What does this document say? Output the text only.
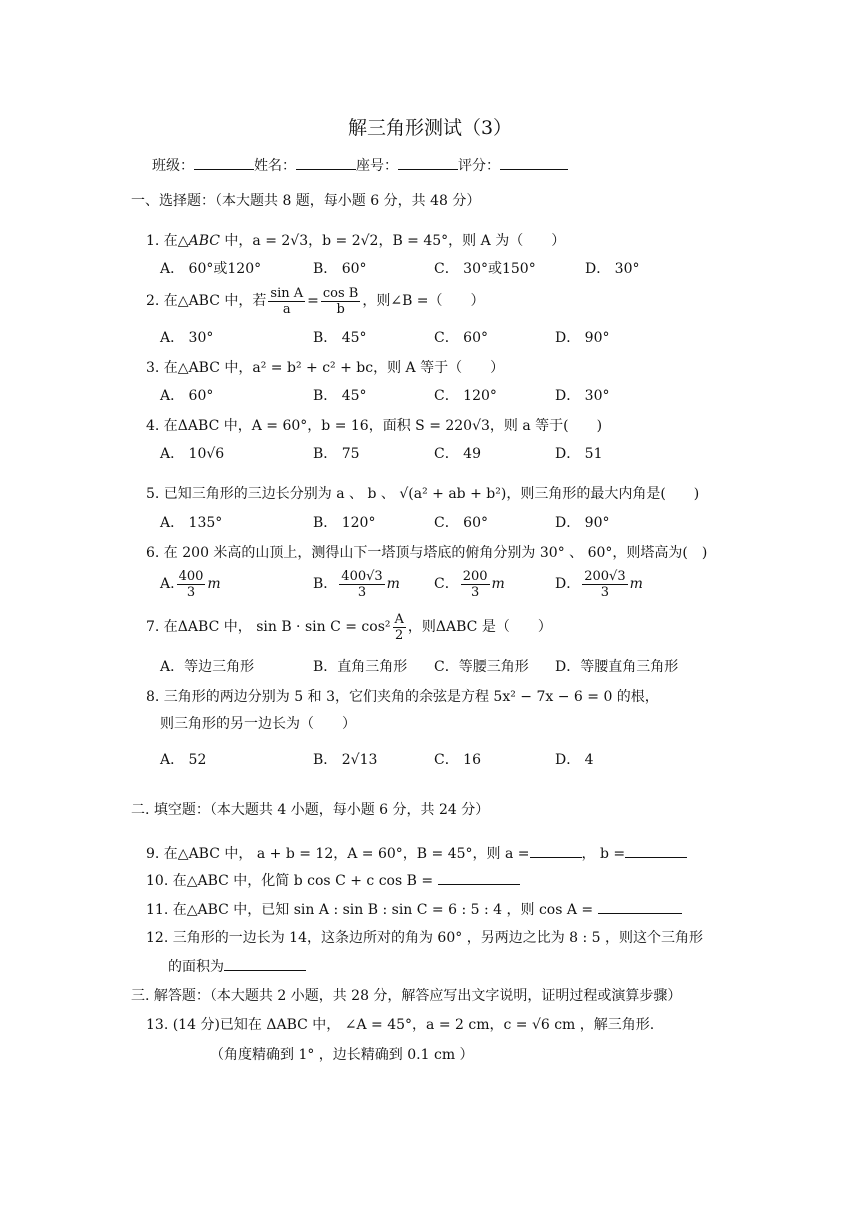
解三角形测试（3）
班级：	姓名：	座号：	评分：
一、选择题：（本大题共 8 题，每小题 6 分，共 48 分）
1. 在△ABC 中，a = 2√3，b = 2√2，B = 45°，则 A 为（　　）
A． 60°或120°	B． 60°	C． 30°或150°	D． 30°
2. 在△ABC 中，若 $\frac{\text{sin A}}{a} = \frac{\text{cos B}}{b}$ ，则∠B =（　　）
A． 30°	B． 45°	C． 60°	D． 90°
3. 在△ABC 中，a² = b² + c² + bc，则 A 等于（　　）
A． 60°	B． 45°	C． 120°	D． 30°
4. 在ΔABC 中，A = 60°，b = 16，面积 S = 220√3，则 a 等于(　　)
A． 10√6	B． 75	C． 49	D． 51
5. 已知三角形的三边长分别为 a 、 b 、 √(a² + ab + b²)，则三角形的最大内角是(　　)
A． 135°	B． 120°	C． 60°	D． 90°
6. 在 200 米高的山顶上，测得山下一塔顶与塔底的俯角分别为 30° 、 60°，则塔高为(　)
A. $\frac{400}{3}$ m	B． $\frac{400√3}{3}$ m C． $\frac{200}{3}$ m	D． $\frac{200√3}{3}$ m
7. 在ΔABC 中， $\sin B \cdot \sin C = \cos^2 \frac{A}{2}$ ，则ΔABC 是（　　）
A．等边三角形	B．直角三角形 C．等腰三角形 D．等腰直角三角形
8. 三角形的两边分别为 5 和 3，它们夹角的余弦是方程 5x² − 7x − 6 = 0 的根，
则三角形的另一边长为（　　）
A． 52	B． 2√13	C． 16	D． 4
二. 填空题：（本大题共 4 小题，每小题 6 分，共 24 分）
9. 在△ABC 中， a + b = 12，A = 60°，B = 45°，则 a =	， b =
10. 在△ABC 中，化简 b cos C + c cos B =
11. 在△ABC 中，已知 sin A : sin B : sin C = 6 : 5 : 4 ，则 cos A =
12. 三角形的一边长为 14，这条边所对的角为 60° ，另两边之比为 8 : 5 ，则这个三角形
的面积为
三. 解答题：（本大题共 2 小题，共 28 分，解答应写出文字说明，证明过程或演算步骤）
13. (14 分)已知在 ΔABC 中， ∠A = 45°，a = 2 cm，c = √6 cm ，解三角形.
（角度精确到 1° ，边长精确到 0.1 cm ）
